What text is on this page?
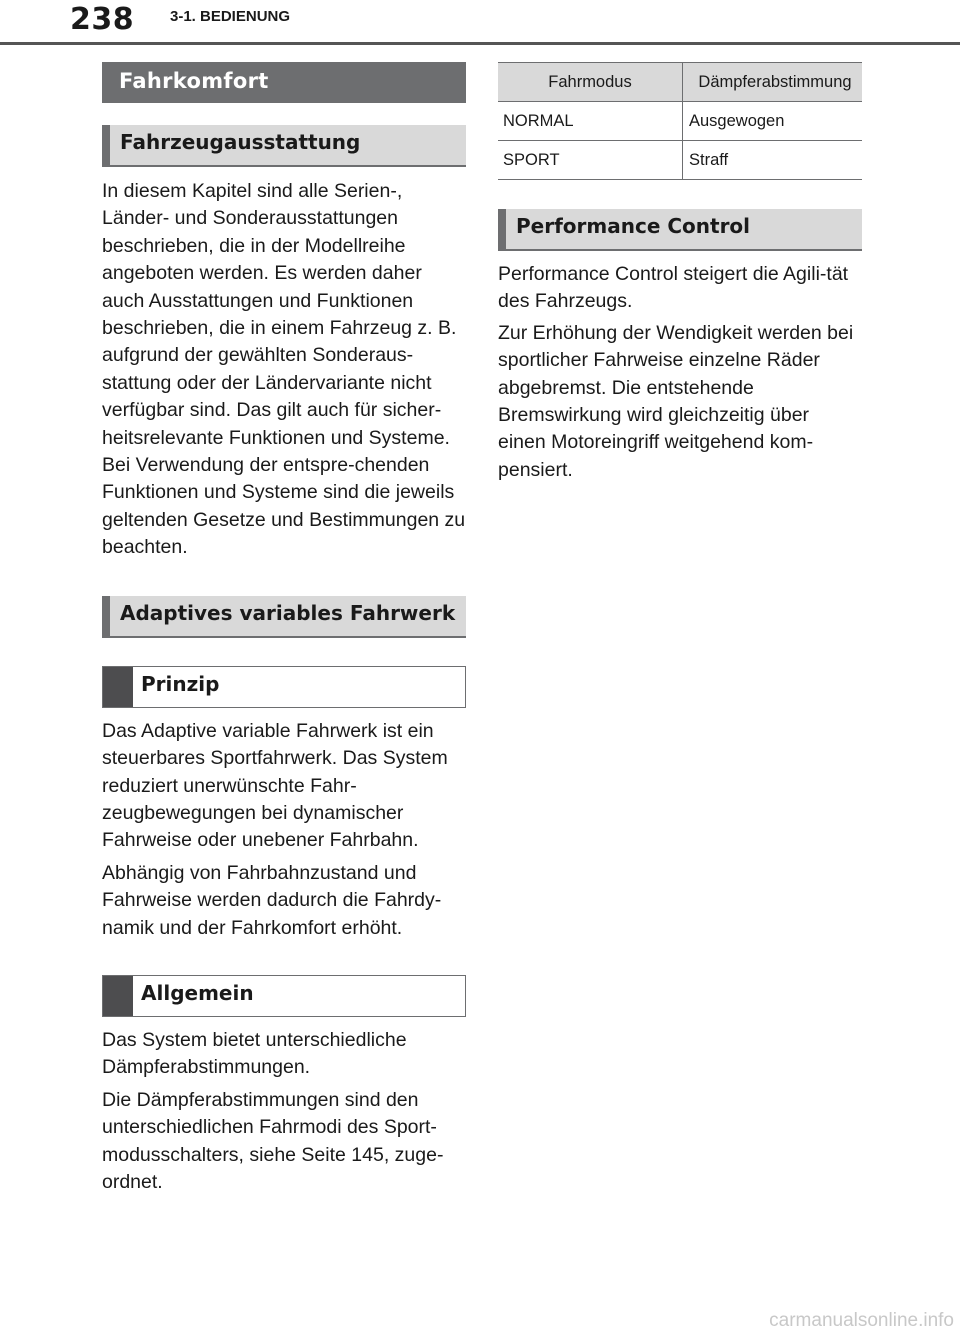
238 3-1. BEDIENUNG
Fahrkomfort
Fahrzeugausstattung

In diesem Kapitel sind alle Serien-, Länder- und Sonderausstattungen beschrieben, die in der Modellreihe angeboten werden. Es werden daher auch Ausstattungen und Funktionen beschrieben, die in einem Fahrzeug z. B. aufgrund der gewählten Sonderaus-stattung oder der Ländervariante nicht verfügbar sind. Das gilt auch für sicher-heitsrelevante Funktionen und Systeme. Bei Verwendung der entspre-chenden Funktionen und Systeme sind die jeweils geltenden Gesetze und Bestimmungen zu beachten.

Adaptives variables Fahrwerk
Prinzip

Das Adaptive variable Fahrwerk ist ein steuerbares Sportfahrwerk. Das System reduziert unerwünschte Fahr-zeugbewegungen bei dynamischer Fahrweise oder unebener Fahrbahn.

Abhängig von Fahrbahnzustand und Fahrweise werden dadurch die Fahrdy-namik und der Fahrkomfort erhöht.

Allgemein

Das System bietet unterschiedliche Dämpferabstimmungen.

Die Dämpferabstimmungen sind den unterschiedlichen Fahrmodi des Sport-modusschalters, siehe Seite 145, zuge-ordnet.

Fahrmodus	Dämpferabstimmung
NORMAL	Ausgewogen
SPORT	Straff
Performance Control

Performance Control steigert die Agili-tät des Fahrzeugs.

Zur Erhöhung der Wendigkeit werden bei sportlicher Fahrweise einzelne Räder abgebremst. Die entstehende Bremswirkung wird gleichzeitig über einen Motoreingriff weitgehend kom-pensiert.

carmanualsonline.info
